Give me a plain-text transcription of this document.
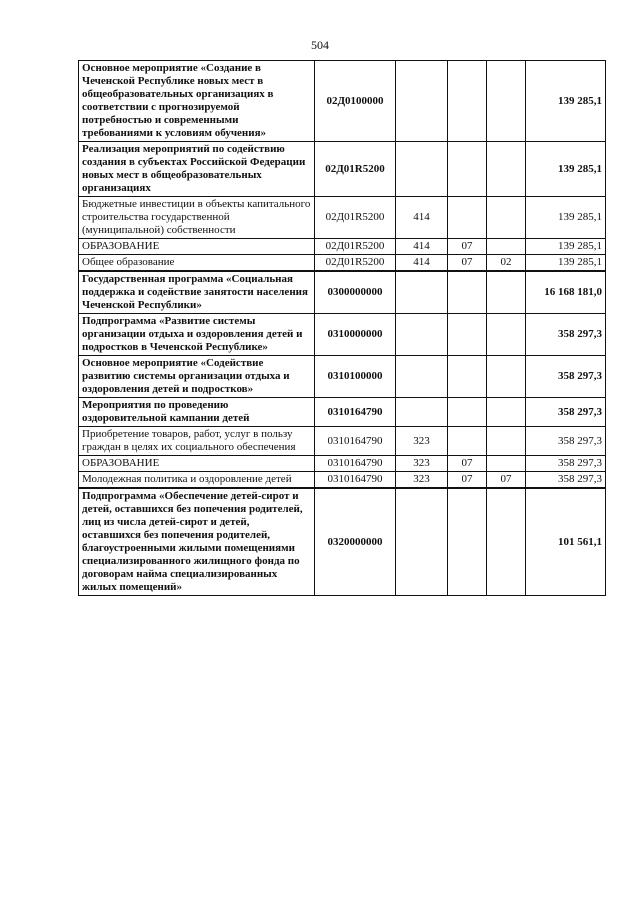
504
Основное мероприятие «Создание в Чеченской Республике новых мест в общеобразовательных организациях в соответствии с прогнозируемой потребностью и современными требованиями к условиям обучения»	02Д0100000				139 285,1
Реализация мероприятий по содействию создания в субъектах Российской Федерации новых мест в общеобразовательных организациях	02Д01R5200				139 285,1
Бюджетные инвестиции в объекты капитального строительства государственной (муниципальной) собственности	02Д01R5200	414			139 285,1
ОБРАЗОВАНИЕ	02Д01R5200	414	07		139 285,1
Общее образование	02Д01R5200	414	07	02	139 285,1
Государственная программа «Социальная поддержка и содействие занятости населения Чеченской Республики»	0300000000				16 168 181,0
Подпрограмма «Развитие системы организации отдыха и оздоровления детей и подростков в Чеченской Республике»	0310000000				358 297,3
Основное мероприятие «Содействие развитию системы организации отдыха и оздоровления детей и подростков»	0310100000				358 297,3
Мероприятия по проведению оздоровительной кампании детей	0310164790				358 297,3
Приобретение товаров, работ, услуг в пользу граждан в целях их социального обеспечения	0310164790	323			358 297,3
ОБРАЗОВАНИЕ	0310164790	323	07		358 297,3
Молодежная политика и оздоровление детей	0310164790	323	07	07	358 297,3
Подпрограмма «Обеспечение детей-сирот и детей, оставшихся без попечения родителей, лиц из числа детей-сирот и детей, оставшихся без попечения родителей, благоустроенными жилыми помещениями специализированного жилищного фонда по договорам найма специализированных жилых помещений»	0320000000				101 561,1
